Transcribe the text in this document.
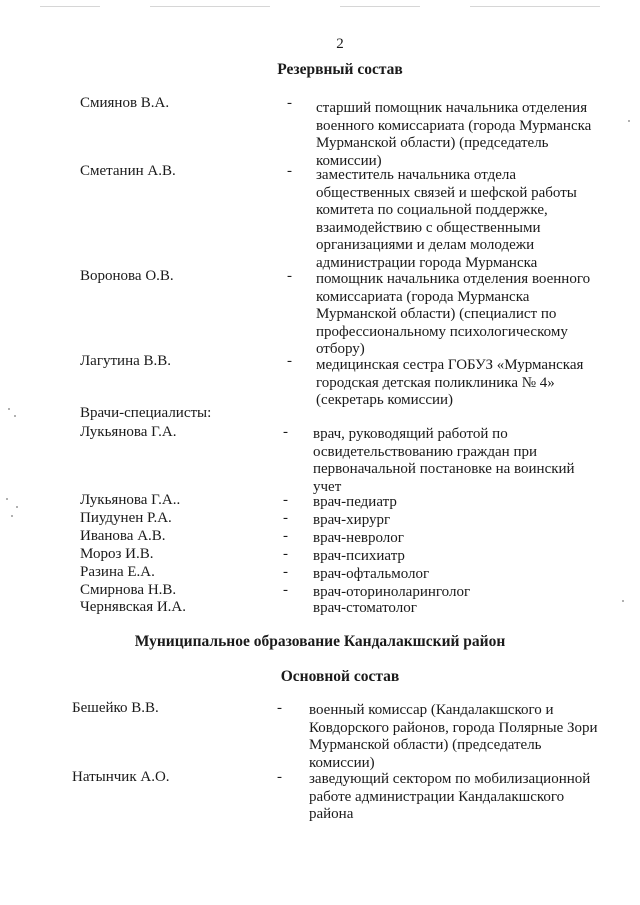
2
Резервный состав
Смиянов В.А.	- старший помощник начальника отделения военного комиссариата (города Мурманска Мурманской области) (председатель комиссии)
Сметанин А.В.	- заместитель начальника отдела общественных связей и шефской работы комитета по социальной поддержке, взаимодействию с общественными организациями и делам молодежи администрации города Мурманска
Воронова О.В.	- помощник начальника отделения военного комиссариата (города Мурманска Мурманской области) (специалист по профессиональному психологическому отбору)
Лагутина В.В.	- медицинская сестра ГОБУЗ «Мурманская городская детская поликлиника № 4» (секретарь комиссии)
Врачи-специалисты:
Лукьянова Г.А.	- врач, руководящий работой по освидетельствованию граждан при первоначальной постановке на воинский учет
Лукьянова Г.А..	- врач-педиатр
Пиудунен Р.А.	- врач-хирург
Иванова А.В.	- врач-невролог
Мороз И.В.	- врач-психиатр
Разина Е.А.	- врач-офтальмолог
Смирнова Н.В.	- врач-оториноларинголог
Чернявская И.А.	врач-стоматолог
Муниципальное образование Кандалакшский район
Основной состав
Бешейко В.В.	- военный комиссар (Кандалакшского и Ковдорского районов, города Полярные Зори Мурманской области) (председатель комиссии)
Натынчик А.О.	- заведующий сектором по мобилизационной работе администрации Кандалакшского района
